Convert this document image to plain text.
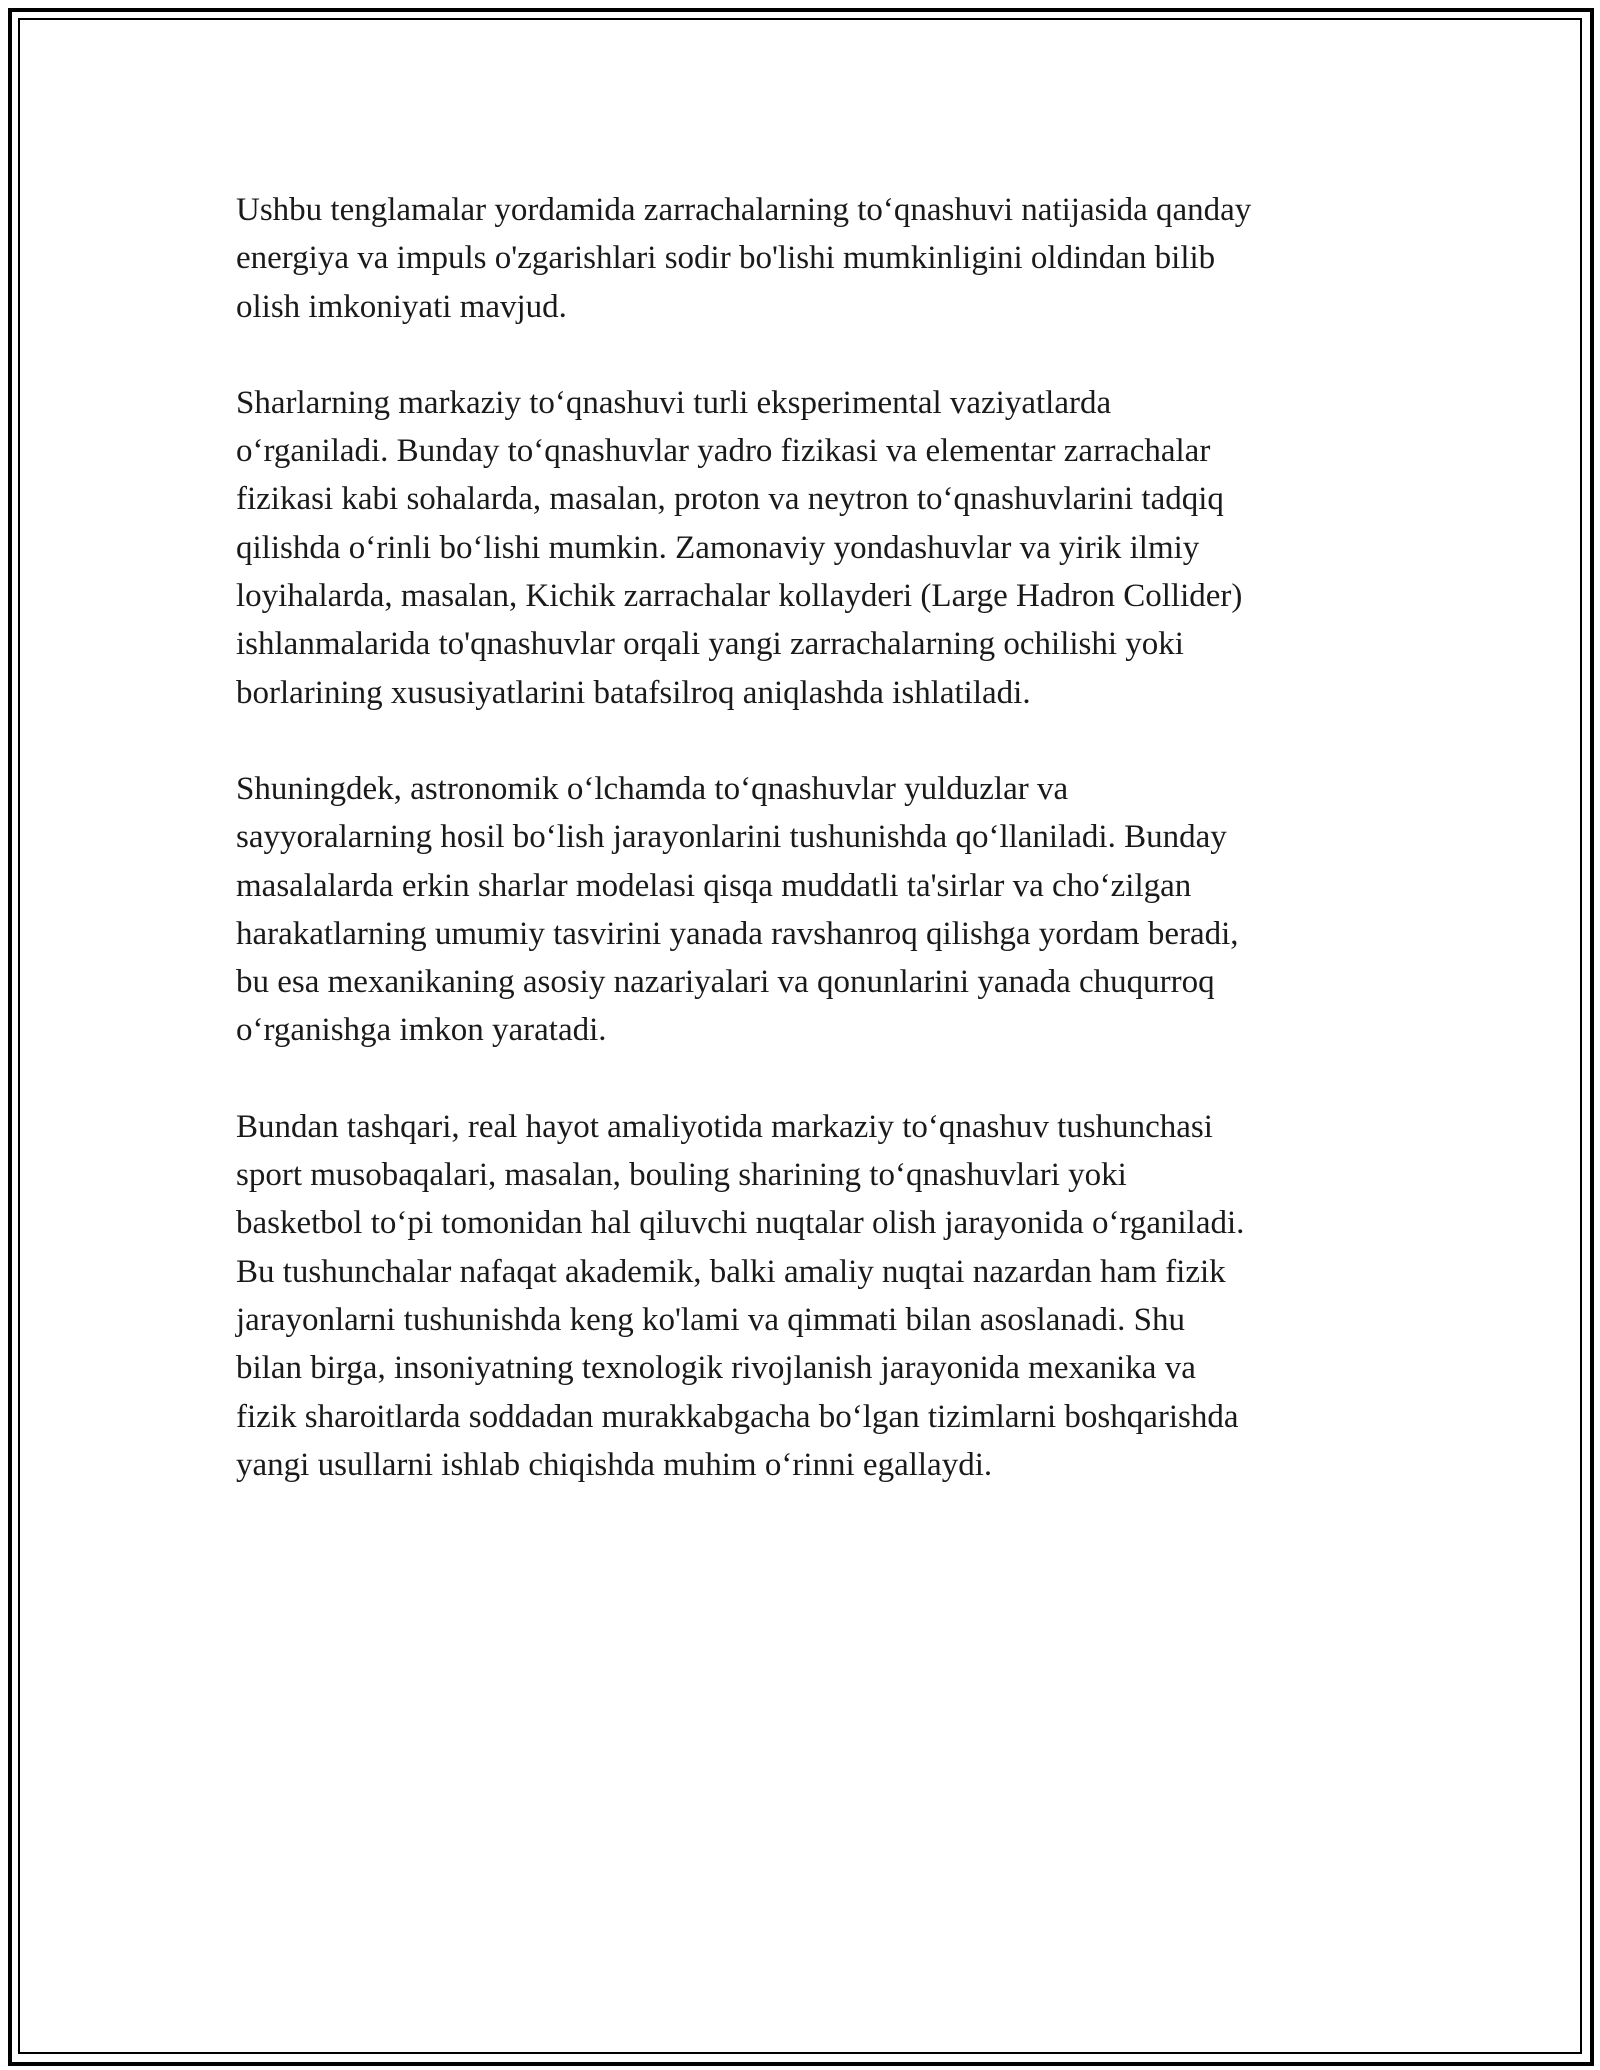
Ushbu tenglamalar yordamida zarrachalarning to‘qnashuvi natijasida qanday
energiya va impuls o'zgarishlari sodir bo'lishi mumkinligini oldindan bilib
olish imkoniyati mavjud.

Sharlarning markaziy to‘qnashuvi turli eksperimental vaziyatlarda
o‘rganiladi. Bunday to‘qnashuvlar yadro fizikasi va elementar zarrachalar
fizikasi kabi sohalarda, masalan, proton va neytron to‘qnashuvlarini tadqiq
qilishda o‘rinli bo‘lishi mumkin. Zamonaviy yondashuvlar va yirik ilmiy
loyihalarda, masalan, Kichik zarrachalar kollayderi (Large Hadron Collider)
ishlanmalarida to'qnashuvlar orqali yangi zarrachalarning ochilishi yoki
borlarining xususiyatlarini batafsilroq aniqlashda ishlatiladi.

Shuningdek, astronomik o‘lchamda to‘qnashuvlar yulduzlar va
sayyoralarning hosil bo‘lish jarayonlarini tushunishda qo‘llaniladi. Bunday
masalalarda erkin sharlar modelasi qisqa muddatli ta'sirlar va cho‘zilgan
harakatlarning umumiy tasvirini yanada ravshanroq qilishga yordam beradi,
bu esa mexanikaning asosiy nazariyalari va qonunlarini yanada chuqurroq
o‘rganishga imkon yaratadi.

Bundan tashqari, real hayot amaliyotida markaziy to‘qnashuv tushunchasi
sport musobaqalari, masalan, bouling sharining to‘qnashuvlari yoki
basketbol to‘pi tomonidan hal qiluvchi nuqtalar olish jarayonida o‘rganiladi.
Bu tushunchalar nafaqat akademik, balki amaliy nuqtai nazardan ham fizik
jarayonlarni tushunishda keng ko'lami va qimmati bilan asoslanadi. Shu
bilan birga, insoniyatning texnologik rivojlanish jarayonida mexanika va
fizik sharoitlarda soddadan murakkabgacha bo‘lgan tizimlarni boshqarishda
yangi usullarni ishlab chiqishda muhim o‘rinni egallaydi.
